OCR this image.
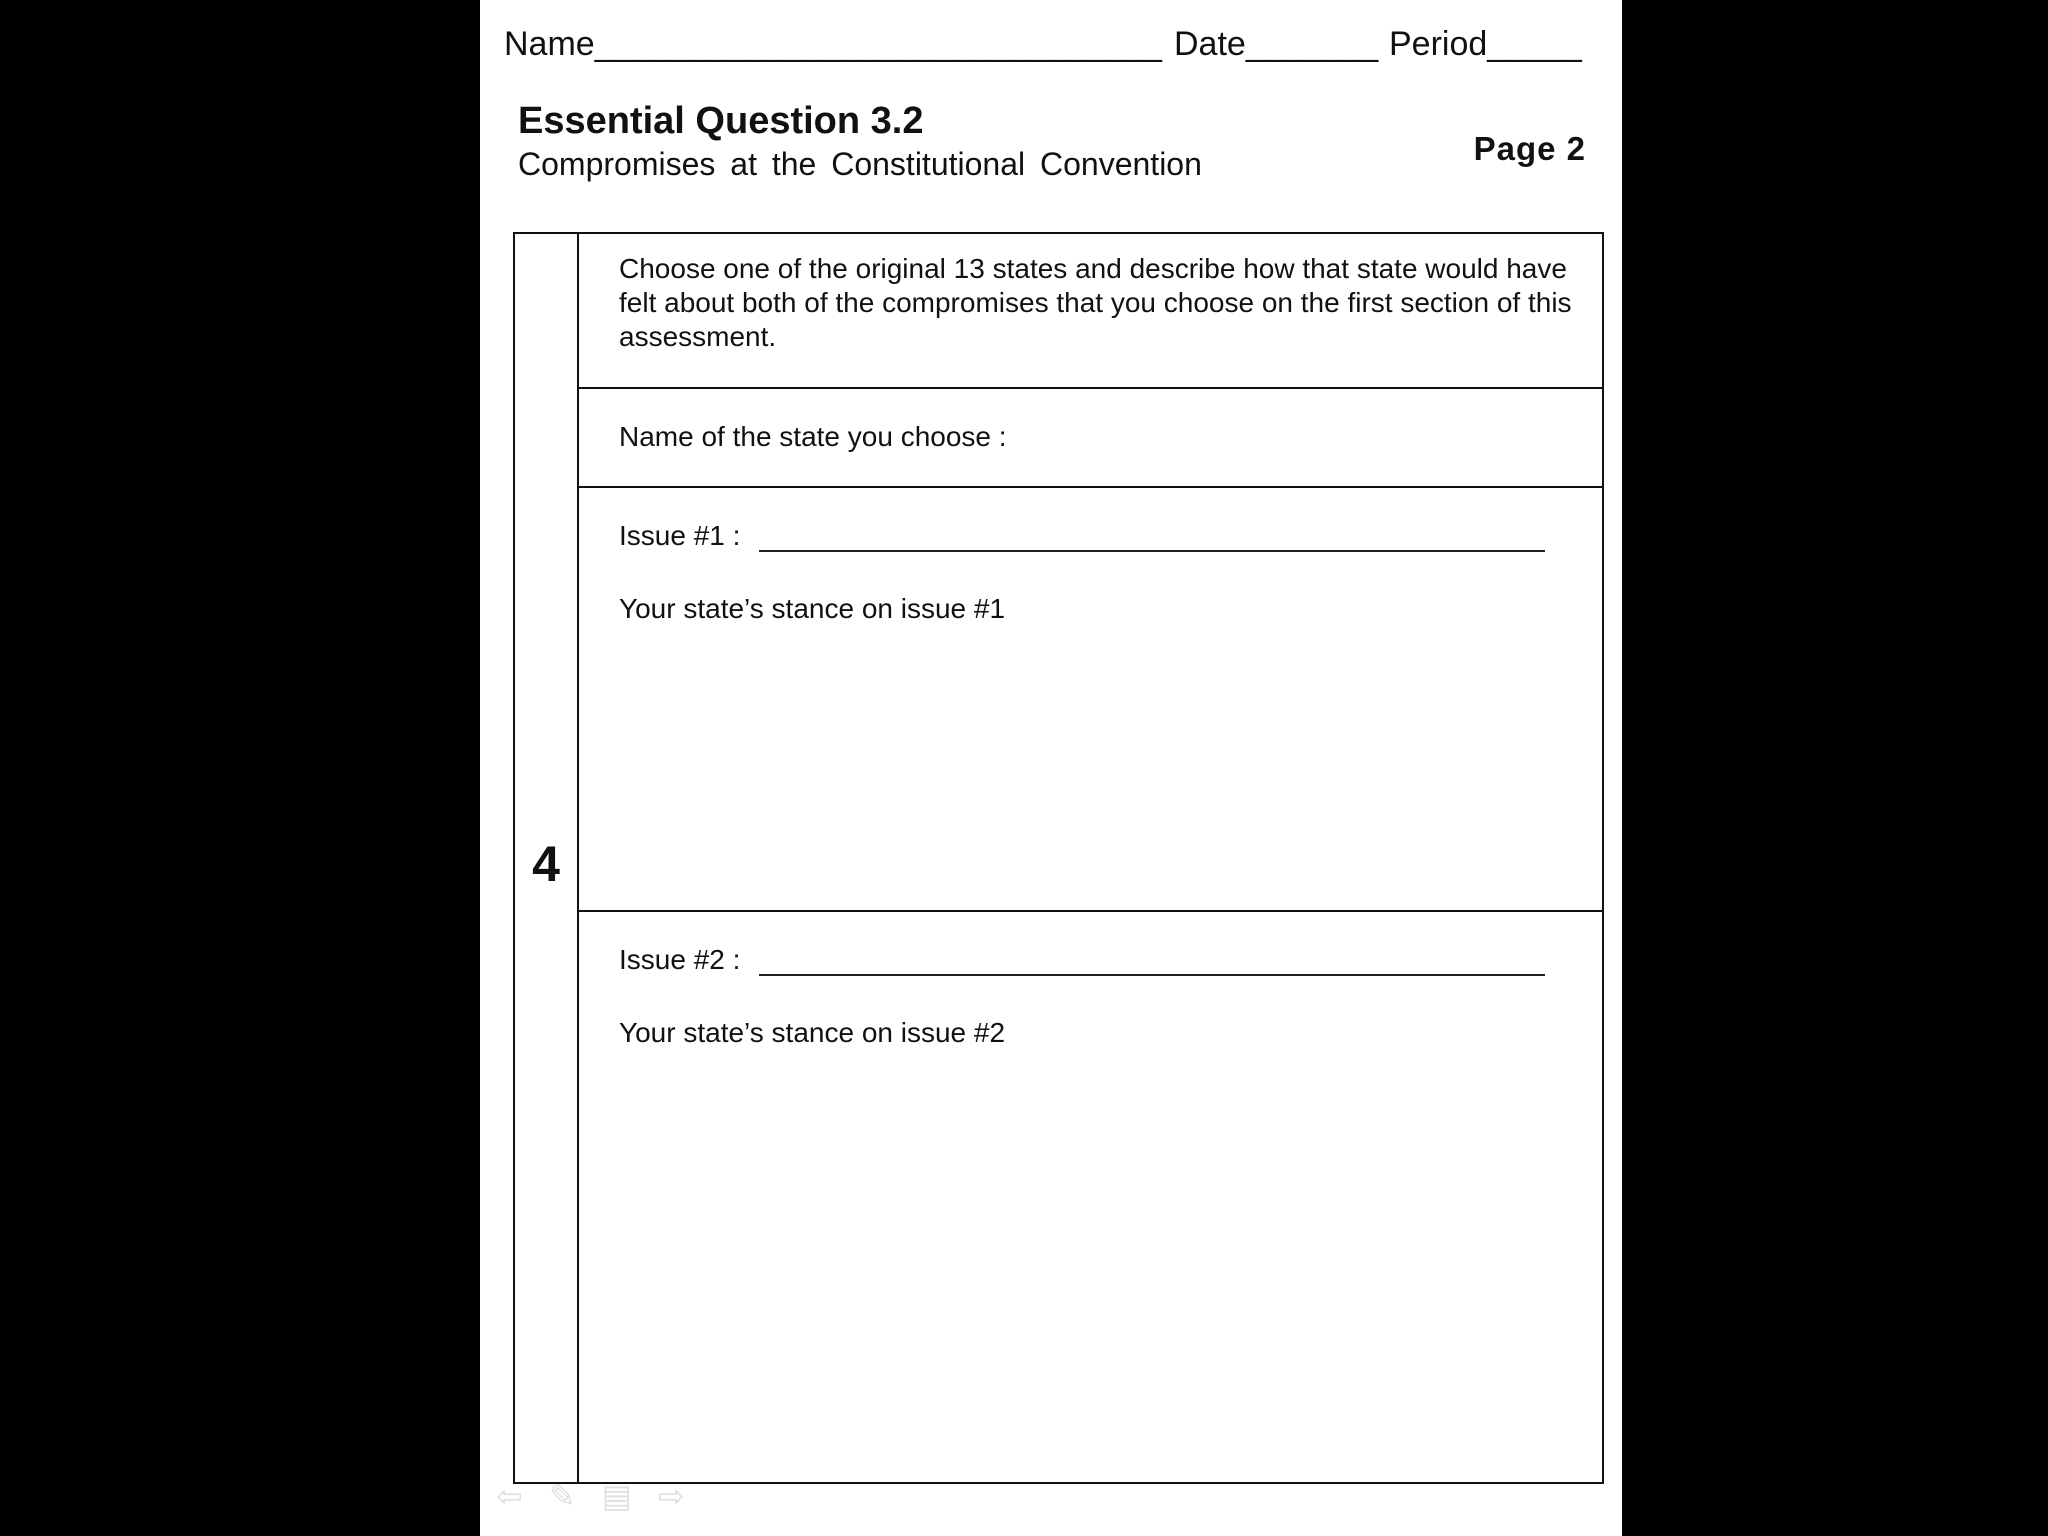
Name______________________________ Date_______ Period_____
Essential Question 3.2
Compromises at the Constitutional Convention	Page 2
4

Choose one of the original 13 states and describe how that state would have felt about both of the compromises that you choose on the first section of this assessment.

Name of the state you choose :
Issue #1 :
Your state’s stance on issue #1
Issue #2 :
Your state’s stance on issue #2
⇦ ✎ ▤ ⇨
